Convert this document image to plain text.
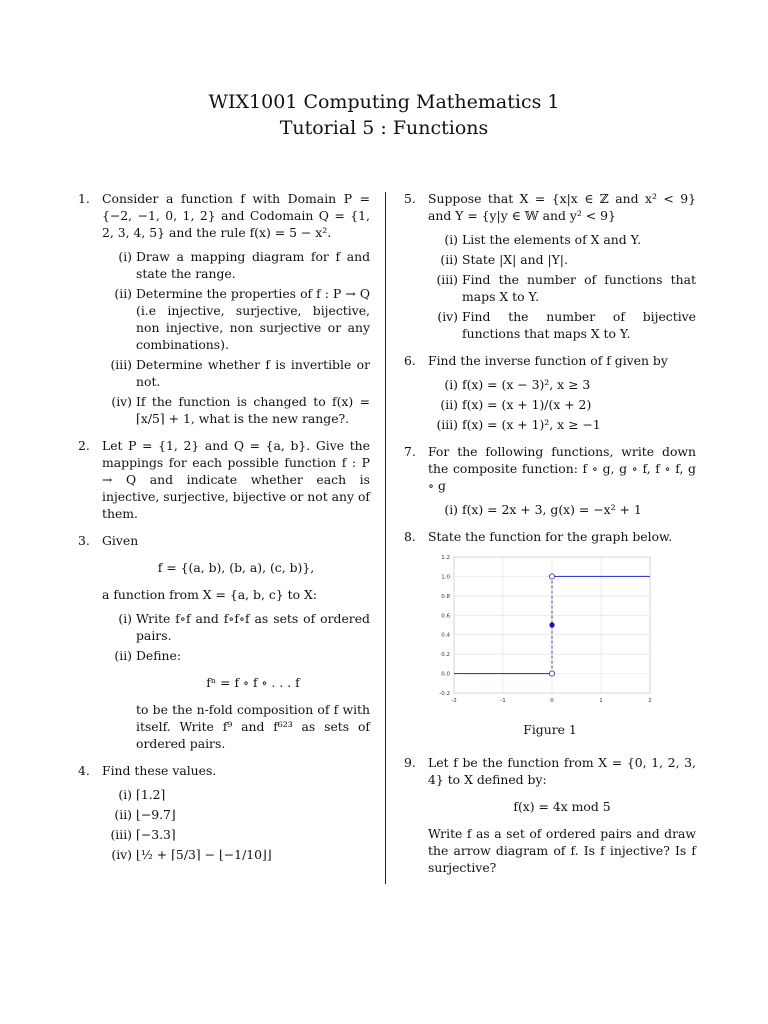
WIX1001 Computing Mathematics 1
Tutorial 5 : Functions
1. Consider a function f with Domain P = {−2, −1, 0, 1, 2} and Codomain Q = {1, 2, 3, 4, 5} and the rule f(x) = 5 − x².
(i) Draw a mapping diagram for f and state the range.
(ii) Determine the properties of f : P → Q (i.e injective, surjective, bijective, non injective, non surjective or any combinations).
(iii) Determine whether f is invertible or not.
(iv) If the function is changed to f(x) = ⌈x/5⌉ + 1, what is the new range?.
2. Let P = {1, 2} and Q = {a, b}. Give the mappings for each possible function f : P → Q and indicate whether each is injective, surjective, bijective or not any of them.
3. Given
f = {(a, b), (b, a), (c, b)},
a function from X = {a, b, c} to X:
(i) Write f∘f and f∘f∘f as sets of ordered pairs.
(ii) Define:
fⁿ = f ∘ f ∘ . . . f
to be the n-fold composition of f with itself. Write f⁹ and f⁶²³ as sets of ordered pairs.
4. Find these values.
(i) ⌈1.2⌉
(ii) ⌊−9.7⌋
(iii) ⌈−3.3⌉
(iv) ⌊½ + ⌈5/3⌉ − ⌊−1/10⌋⌋
5. Suppose that X = {x|x ∈ ℤ and x² < 9} and Y = {y|y ∈ 𝕎 and y² < 9}
(i) List the elements of X and Y.
(ii) State |X| and |Y|.
(iii) Find the number of functions that maps X to Y.
(iv) Find the number of bijective functions that maps X to Y.
6. Find the inverse function of f given by
(i) f(x) = (x − 3)², x ≥ 3
(ii) f(x) = (x + 1)/(x + 2)
(iii) f(x) = (x + 1)², x ≥ −1
7. For the following functions, write down the composite function: f ∘ g, g ∘ f, f ∘ f, g ∘ g
(i) f(x) = 2x + 3, g(x) = −x² + 1
8. State the function for the graph below.
-0.2
0.0
0.2
0.4
0.6
0.8
1.0
1.2
-2	-1	0	1	2
Figure 1
9. Let f be the function from X = {0, 1, 2, 3, 4} to X defined by:
f(x) = 4x mod 5
Write f as a set of ordered pairs and draw the arrow diagram of f. Is f injective? Is f surjective?
